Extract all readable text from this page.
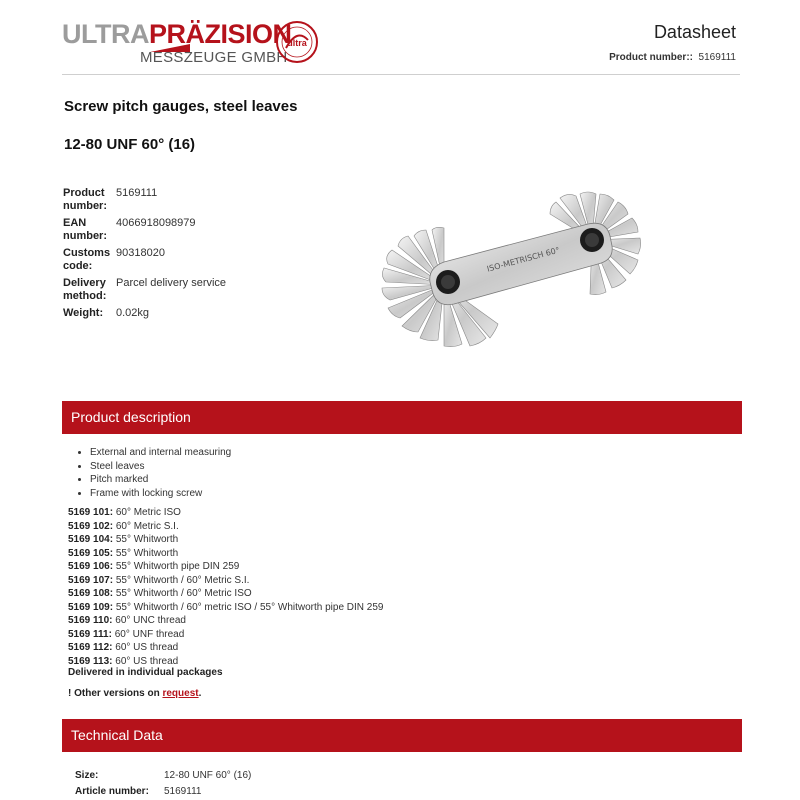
ULTRAPRÄZISION
MESSZEUGE GMBH
ultra
Datasheet
Product number:: 5169111
Screw pitch gauges, steel leaves
12-80 UNF 60° (16)
Product number:
5169111
EAN number:
4066918098979
Customs code:
90318020
Delivery method:
Parcel delivery service
Weight:	0.02kg
ISO-METRISCH 60°
Product description
• External and internal measuring
• Steel leaves
• Pitch marked
• Frame with locking screw
5169 101: 60° Metric ISO
5169 102: 60° Metric S.I.
5169 104: 55° Whitworth
5169 105: 55° Whitworth
5169 106: 55° Whitworth pipe DIN 259
5169 107: 55° Whitworth / 60° Metric S.I.
5169 108: 55° Whitworth / 60° Metric ISO
5169 109: 55° Whitworth / 60° metric ISO / 55° Whitworth pipe DIN 259
5169 110: 60° UNC thread
5169 111: 60° UNF thread
5169 112: 60° US thread
5169 113: 60° US thread
Delivered in individual packages
! Other versions on request.
Technical Data
Size:	12-80 UNF 60° (16)
Article number:	5169111
